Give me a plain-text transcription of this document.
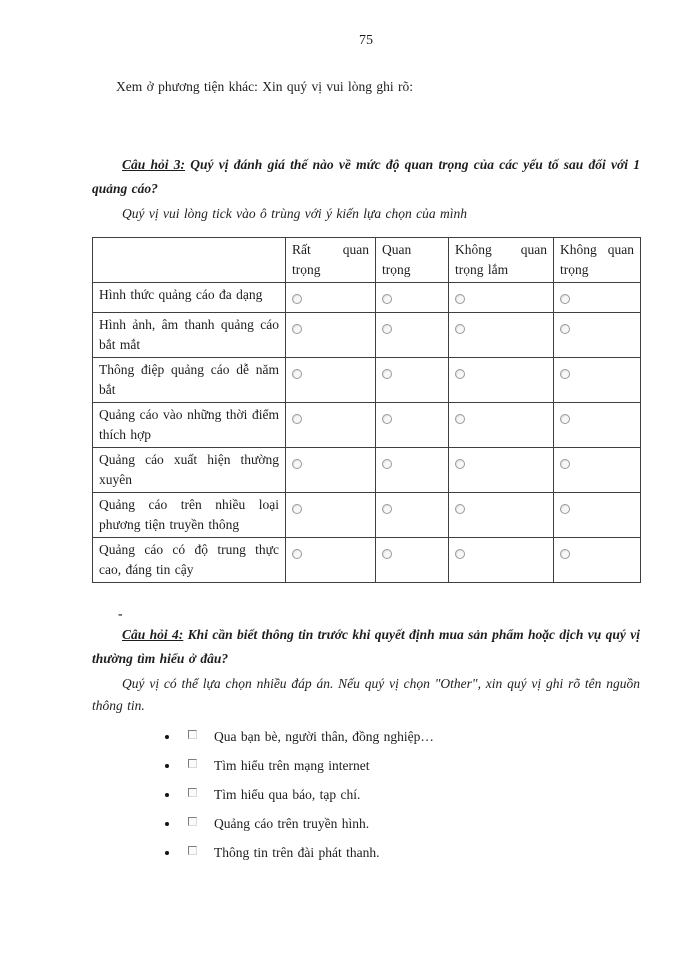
75

Xem ở phương tiện khác: Xin quý vị vui lòng ghi rõ:

Câu hỏi 3: Quý vị đánh giá thế nào về mức độ quan trọng của các yếu tố sau đối với 1 quảng cáo?

Quý vị vui lòng tick vào ô trùng với ý kiến lựa chọn của mình

	Rất quan trọng	Quan trọng	Không quan trọng lắm	Không quan trọng
Hình thức quảng cáo đa dạng				
Hình ảnh, âm thanh quảng cáo bắt mắt				
Thông điệp quảng cáo dễ năm bắt				
Quảng cáo vào những thời điểm thích hợp				
Quảng cáo xuất hiện thường xuyên				
Quảng cáo trên nhiều loại phương tiện truyền thông				
Quảng cáo có độ trung thực cao, đáng tin cậy				
-

Câu hỏi 4: Khi cần biết thông tin trước khi quyết định mua sản phẩm hoặc dịch vụ quý vị thường tìm hiểu ở đâu?

Quý vị có thể lựa chọn nhiều đáp án. Nếu quý vị chọn "Other", xin quý vị ghi rõ tên nguồn thông tin.

Qua bạn bè, người thân, đồng nghiệp…
Tìm hiểu trên mạng internet
Tìm hiểu qua báo, tạp chí.
Quảng cáo trên truyền hình.
Thông tin trên đài phát thanh.
